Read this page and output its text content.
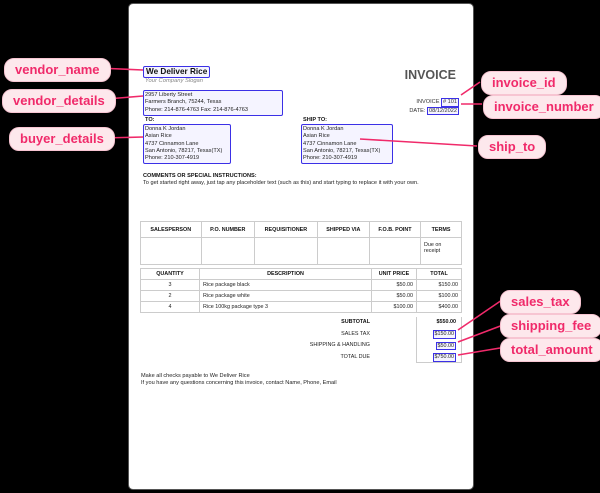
We Deliver Rice
Your Company Slogan
2957 Liberty Street
Farmers Branch, 75244, Texas
Phone: 214-876-4763 Fax: 214-876-4763
INVOICE
INVOICE # 101
DATE: 08/12/2022
TO:
Donna K Jordan
Asian Rice
4737 Cinnamon Lane
San Antonio, 78217, Texas(TX)
Phone: 210-307-4919
SHIP TO:
Donna K Jordan
Asian Rice
4737 Cinnamon Lane
San Antonio, 78217, Texas(TX)
Phone: 210-307-4919
COMMENTS OR SPECIAL INSTRUCTIONS:
To get started right away, just tap any placeholder text (such as this) and start typing to replace it with your own.
SALESPERSON	P.O. NUMBER	REQUISITIONER	SHIPPED VIA	F.O.B. POINT	TERMS
					Due on receipt
QUANTITY	DESCRIPTION	UNIT PRICE	TOTAL
3	Rice package black	$50.00	$150.00
2	Rice package white	$50.00	$100.00
4	Rice 100kg package type 3	$100.00	$400.00
SUBTOTAL	$550.00
SALES TAX	$150.00
SHIPPING & HANDLING	$50.00
TOTAL DUE	$750.00
Make all checks payable to We Deliver Rice
If you have any questions concerning this invoice, contact Name, Phone, Email
vendor_name
vendor_details
buyer_details
invoice_id
invoice_number
ship_to
sales_tax
shipping_fee
total_amount
